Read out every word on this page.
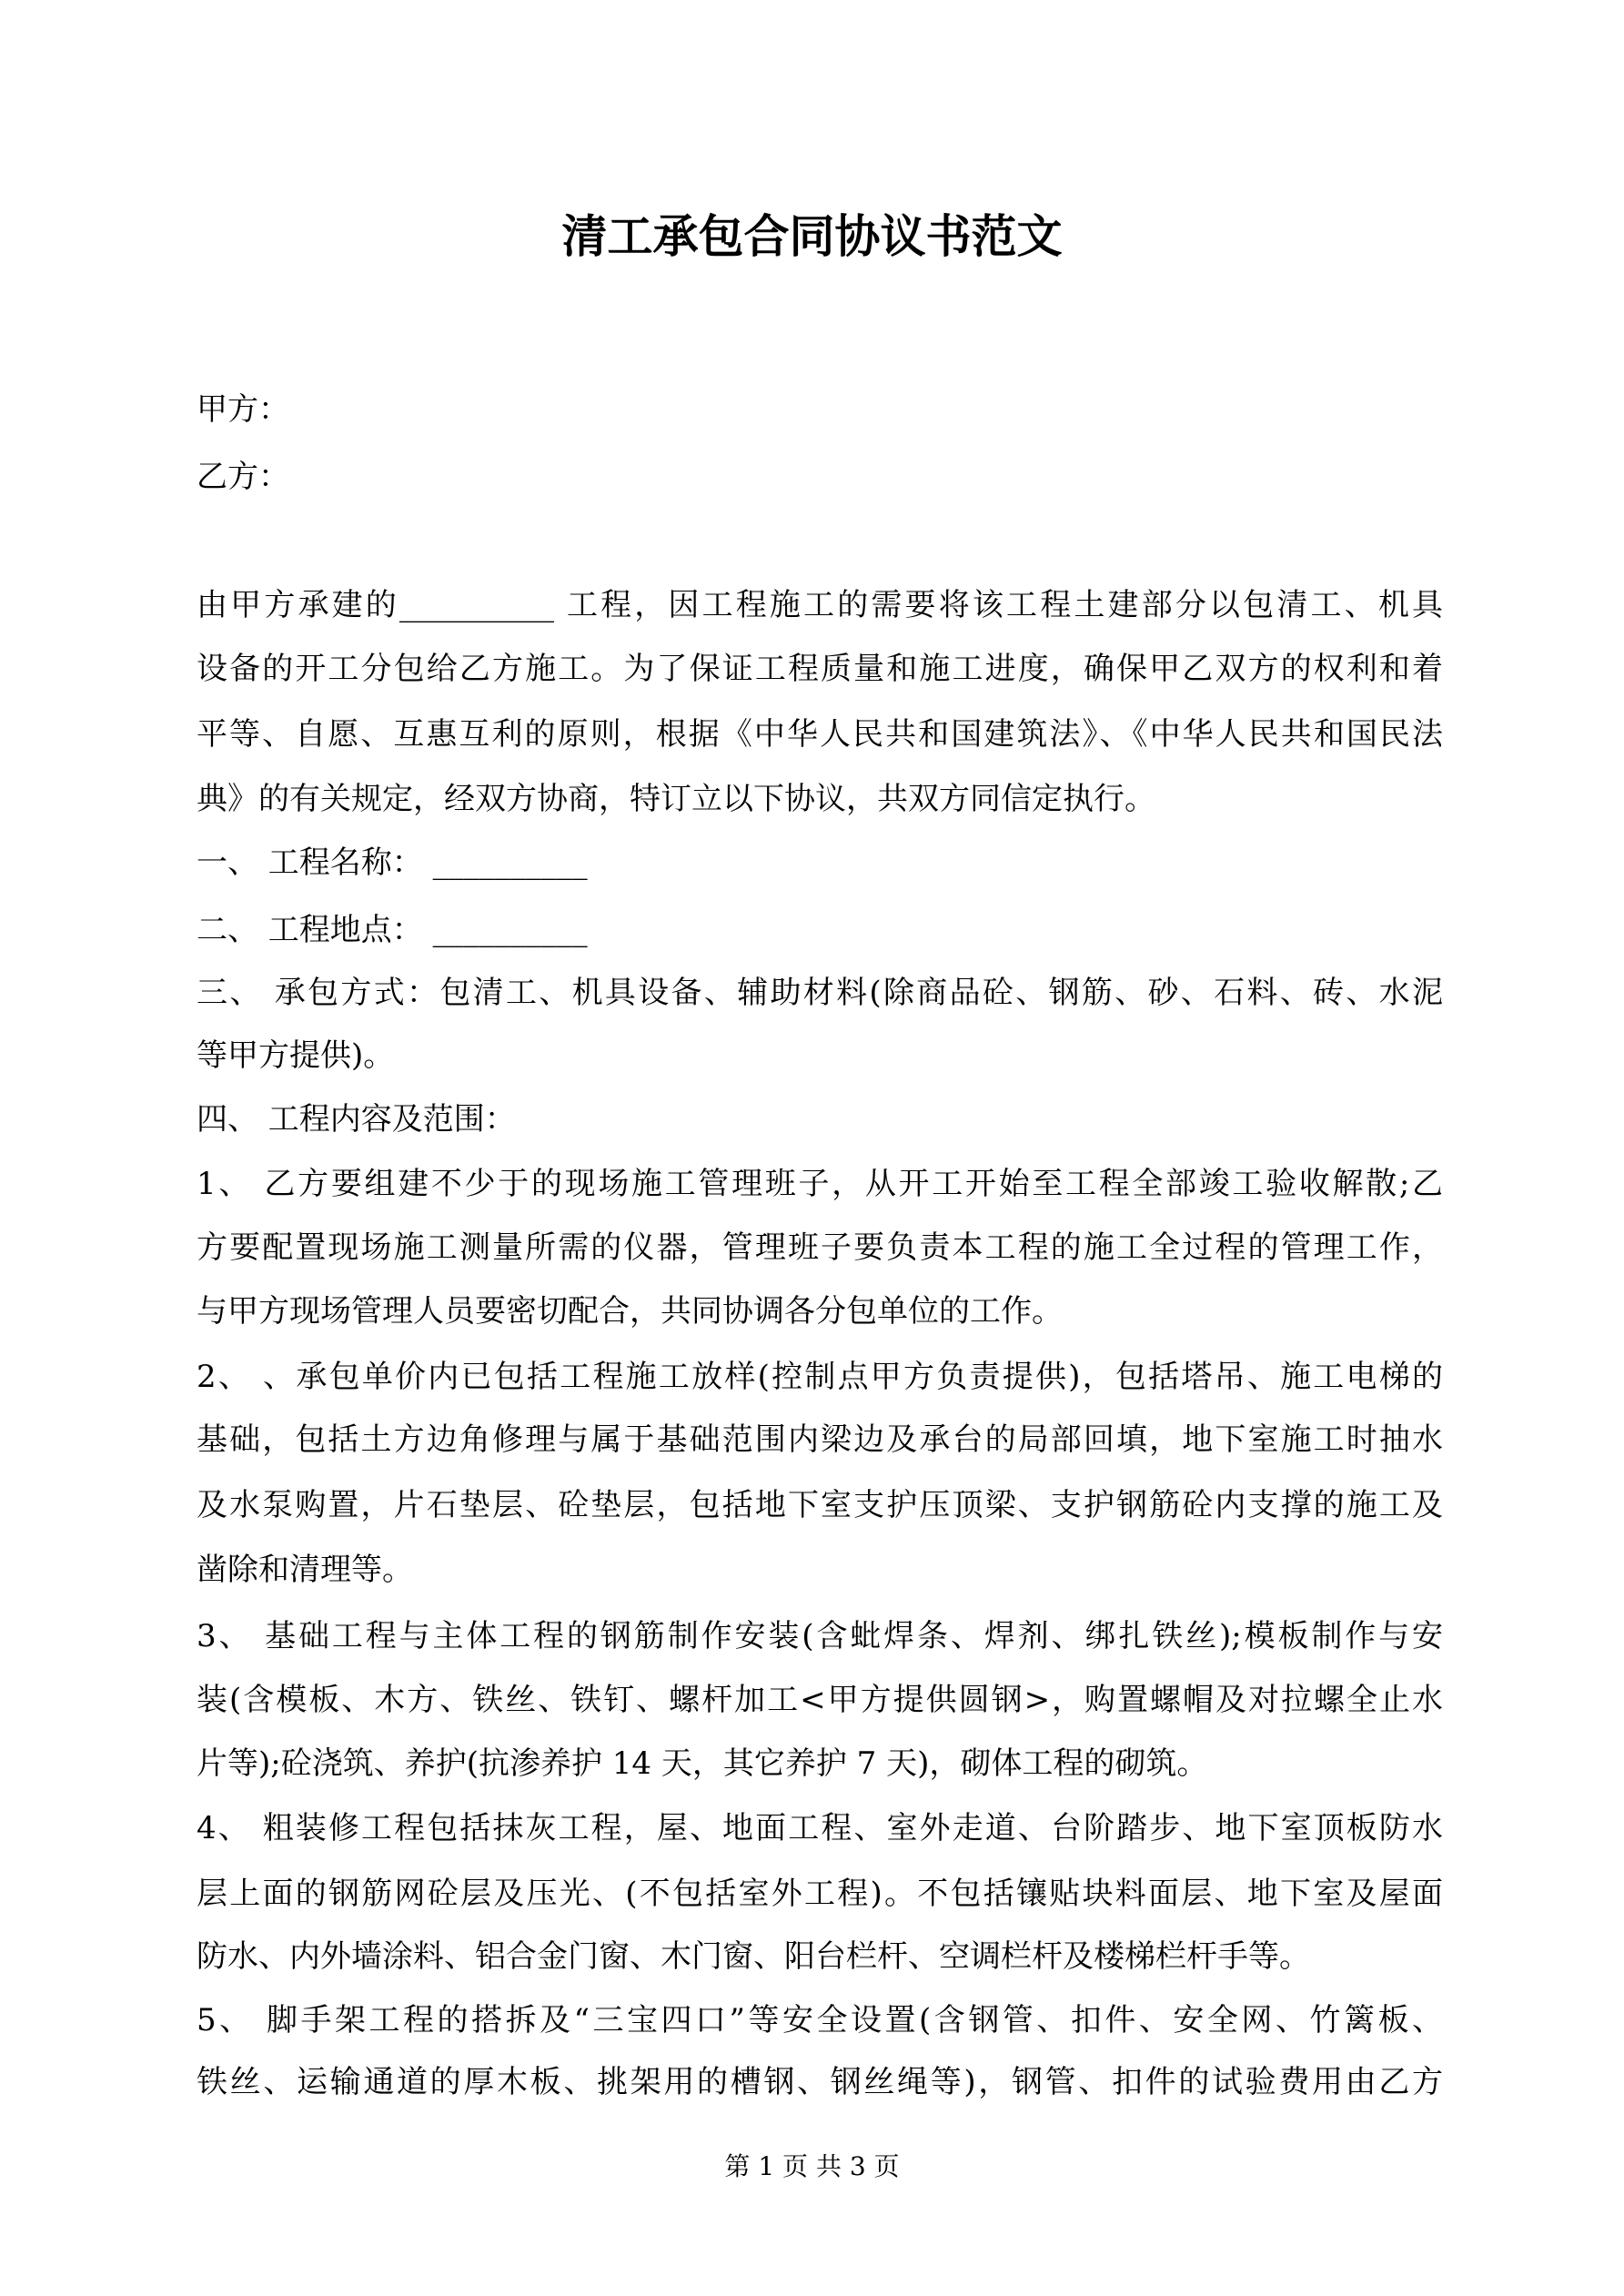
清工承包合同协议书范文
甲方：
乙方：
由甲方承建的__________ 工程，因工程施工的需要将该工程土建部分以包清工、机具
设备的开工分包给乙方施工。为了保证工程质量和施工进度，确保甲乙双方的权利和着
平等、自愿、互惠互利的原则，根据《中华人民共和国建筑法》、《中华人民共和国民法
典》的有关规定，经双方协商，特订立以下协议，共双方同信定执行。
一、 工程名称： __________
二、 工程地点： __________
三、 承包方式：包清工、机具设备、辅助材料(除商品砼、钢筋、砂、石料、砖、水泥
等甲方提供)。
四、 工程内容及范围：
1、 乙方要组建不少于的现场施工管理班子，从开工开始至工程全部竣工验收解散;乙
方要配置现场施工测量所需的仪器，管理班子要负责本工程的施工全过程的管理工作，
与甲方现场管理人员要密切配合，共同协调各分包单位的工作。
2、 、承包单价内已包括工程施工放样(控制点甲方负责提供)，包括塔吊、施工电梯的
基础，包括土方边角修理与属于基础范围内梁边及承台的局部回填，地下室施工时抽水
及水泵购置，片石垫层、砼垫层，包括地下室支护压顶梁、支护钢筋砼内支撑的施工及
凿除和清理等。
3、 基础工程与主体工程的钢筋制作安装(含蚍焊条、焊剂、绑扎铁丝);模板制作与安
装(含模板、木方、铁丝、铁钉、螺杆加工<甲方提供圆钢>，购置螺帽及对拉螺全止水
片等);砼浇筑、养护(抗渗养护 14 天，其它养护 7 天)，砌体工程的砌筑。
4、 粗装修工程包括抹灰工程，屋、地面工程、室外走道、台阶踏步、地下室顶板防水
层上面的钢筋网砼层及压光、(不包括室外工程)。不包括镶贴块料面层、地下室及屋面
防水、内外墙涂料、铝合金门窗、木门窗、阳台栏杆、空调栏杆及楼梯栏杆手等。
5、 脚手架工程的搭拆及“三宝四口”等安全设置(含钢管、扣件、安全网、竹篱板、
铁丝、运输通道的厚木板、挑架用的槽钢、钢丝绳等)，钢管、扣件的试验费用由乙方
第 1 页 共 3 页
